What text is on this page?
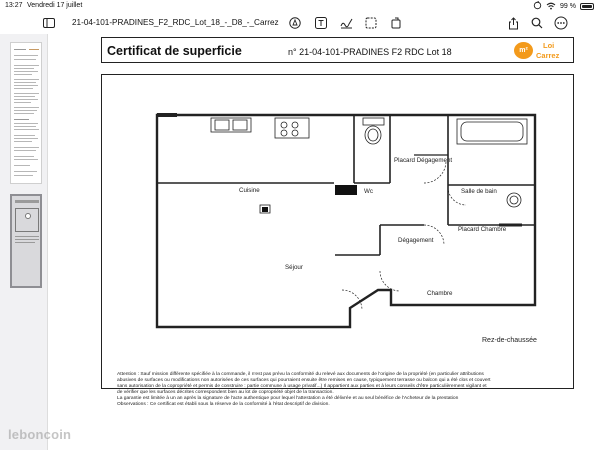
13:27 Vendredi 17 juillet	99 %
21-04-101-PRADINES_F2_RDC_Lot_18_-_D8_-_Carrez
Certificat de superficie	n° 21-04-101-PRADINES F2 RDC Lot 18	m²
Loi
Carrez
Cuisine	Wc
Placard Dégagement
Salle de bain
Placard Chambre
Dégagement
Séjour
Chambre
Rez-de-chaussée
Attention : Sauf mission différente spécifiée à la commande, il n'est pas prévu la conformité du relevé aux documents de l'origine de la propriété (en particulier attributions
abusives de surfaces ou modifications non autorisées de ces surfaces qui pourraient ensuite être remises en cause, typiquement terrasse ou balcon qui a été clos et couvert
sans autorisation de la copropriété et permis de construire : partie commune à usage privatif...) Il appartient aux parties et à leurs conseils d'être particulièrement vigilant et
de vérifier que les surfaces décrites correspondent bien au lot de copropriété objet de la transaction.
La garantie est limitée à un an après la signature de l'acte authentique pour lequel l'attestation a été délivrée et au seul bénéfice de l'Acheteur de la prestation
Observations : Ce certificat est établi sous la réserve de la conformité à l'état descriptif de division.
leboncoin
